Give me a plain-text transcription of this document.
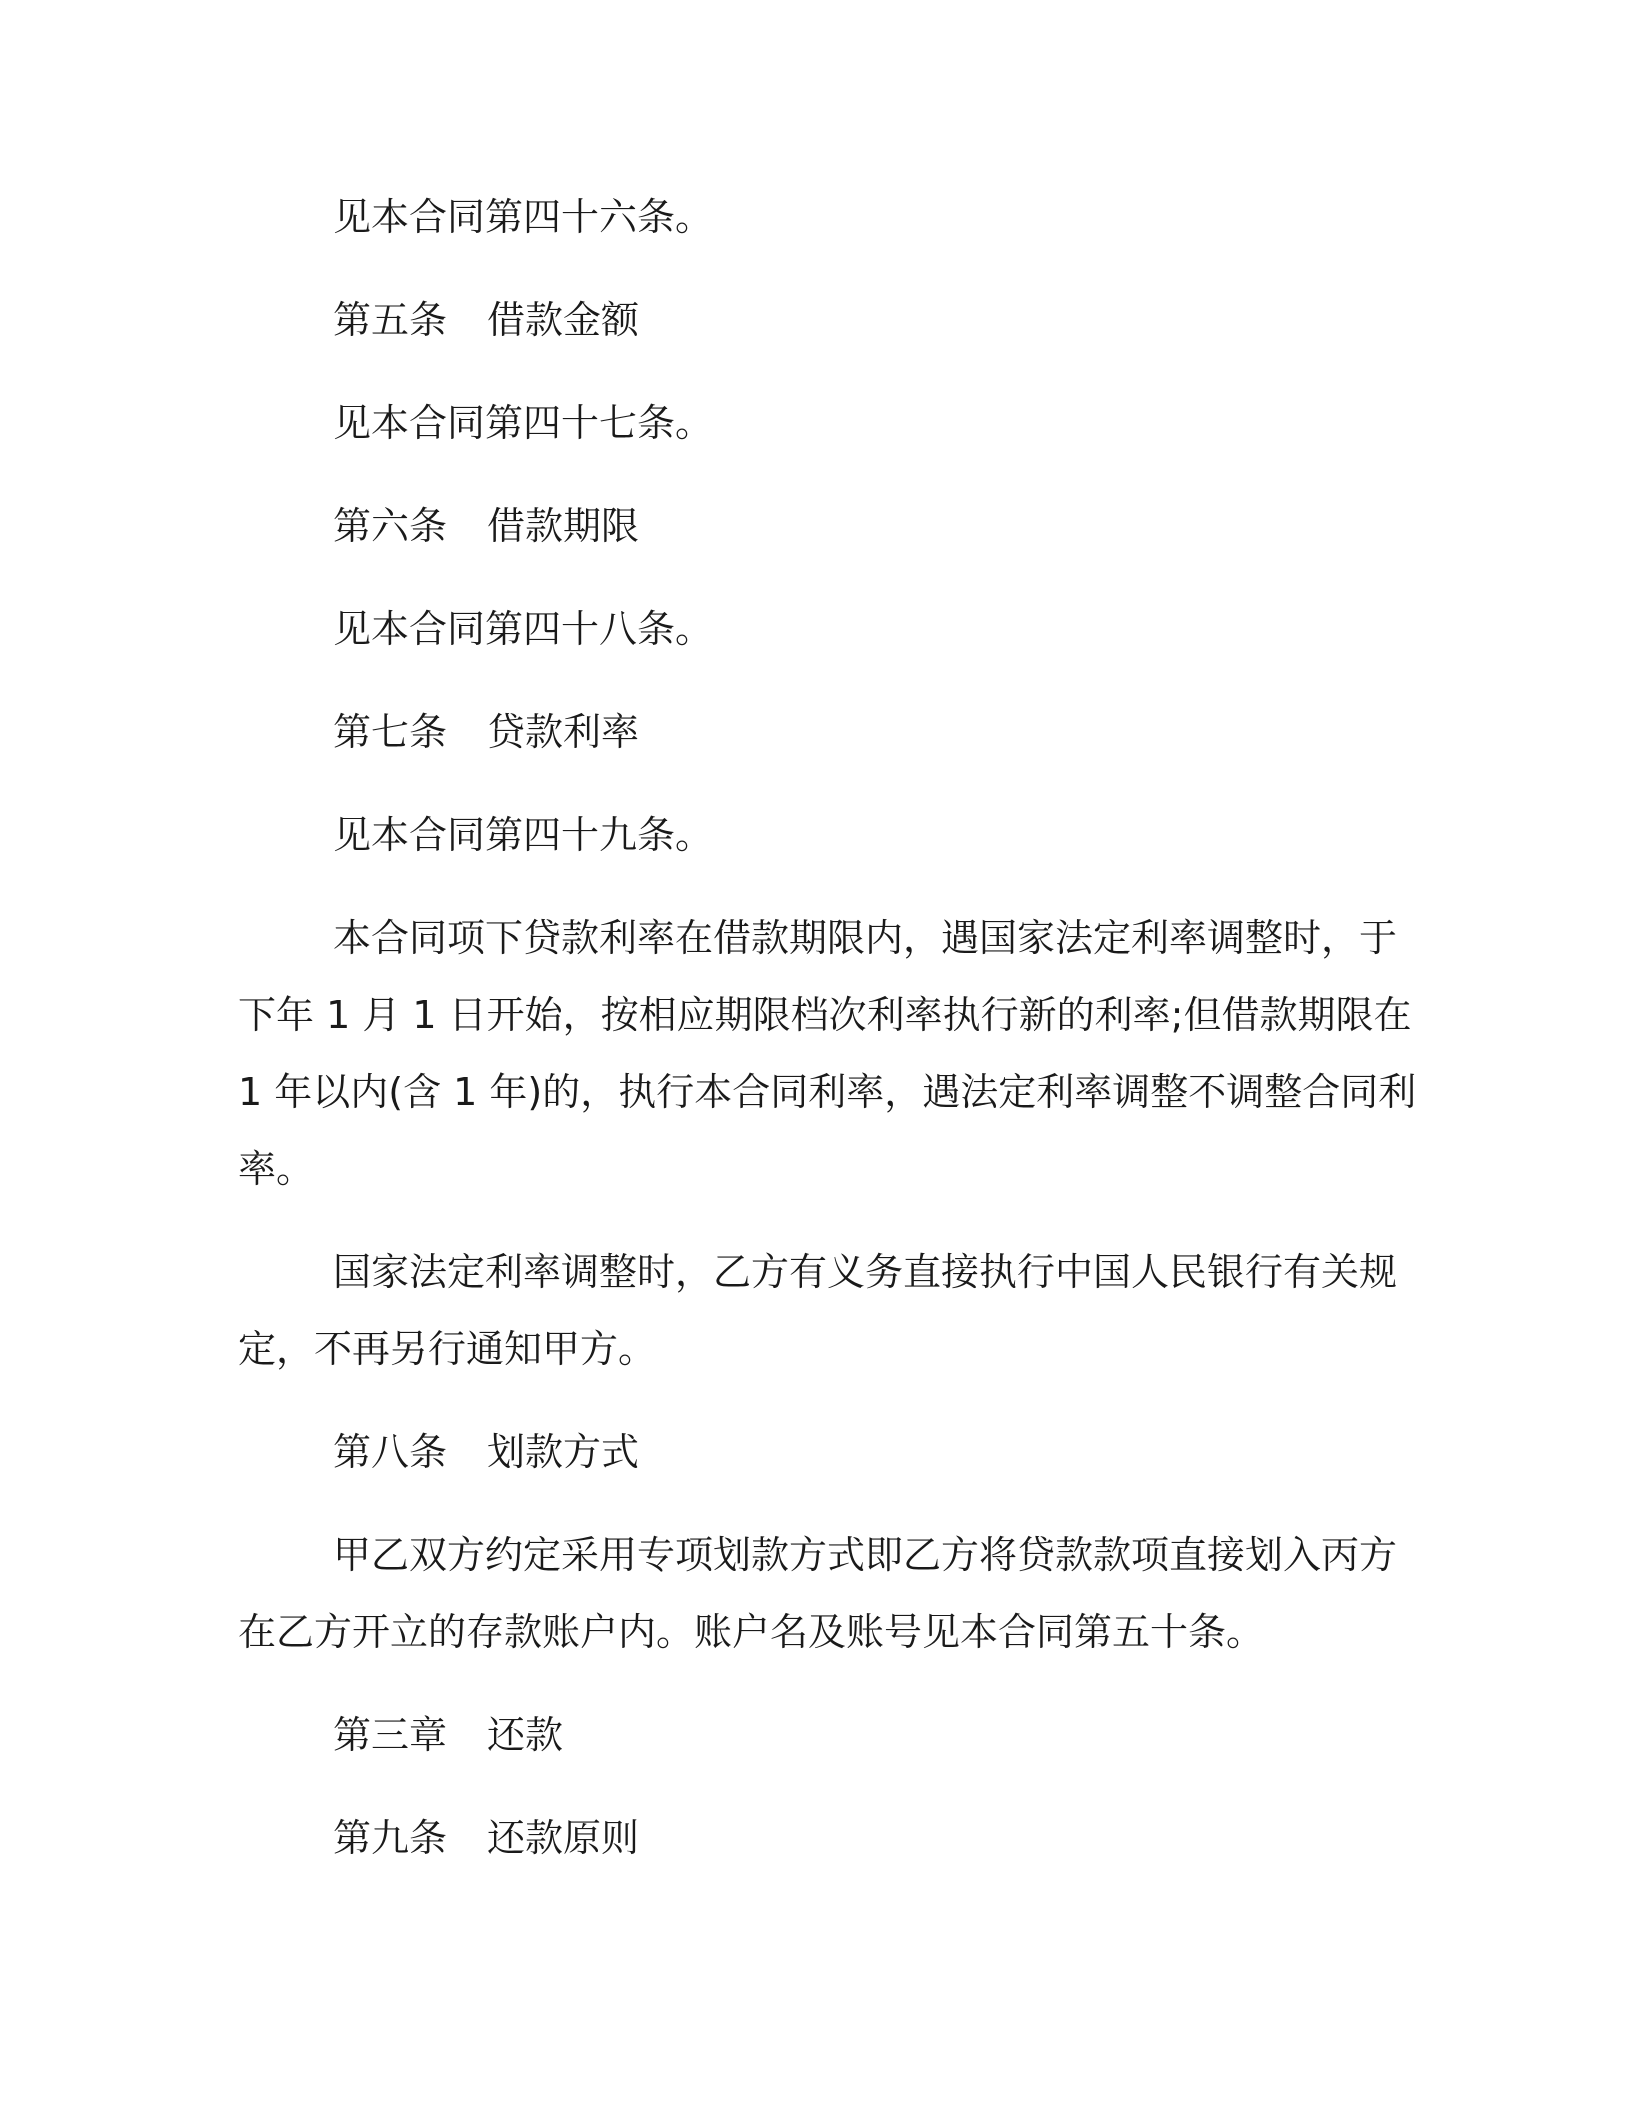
见本合同第四十六条。

第五条 借款金额

见本合同第四十七条。

第六条 借款期限

见本合同第四十八条。

第七条 贷款利率

见本合同第四十九条。

本合同项下贷款利率在借款期限内，遇国家法定利率调整时，于

下年 1 月 1 日开始，按相应期限档次利率执行新的利率;但借款期限在

1 年以内(含 1 年)的，执行本合同利率，遇法定利率调整不调整合同利

率。

国家法定利率调整时，乙方有义务直接执行中国人民银行有关规

定，不再另行通知甲方。

第八条 划款方式

甲乙双方约定采用专项划款方式即乙方将贷款款项直接划入丙方

在乙方开立的存款账户内。账户名及账号见本合同第五十条。

第三章 还款

第九条 还款原则
